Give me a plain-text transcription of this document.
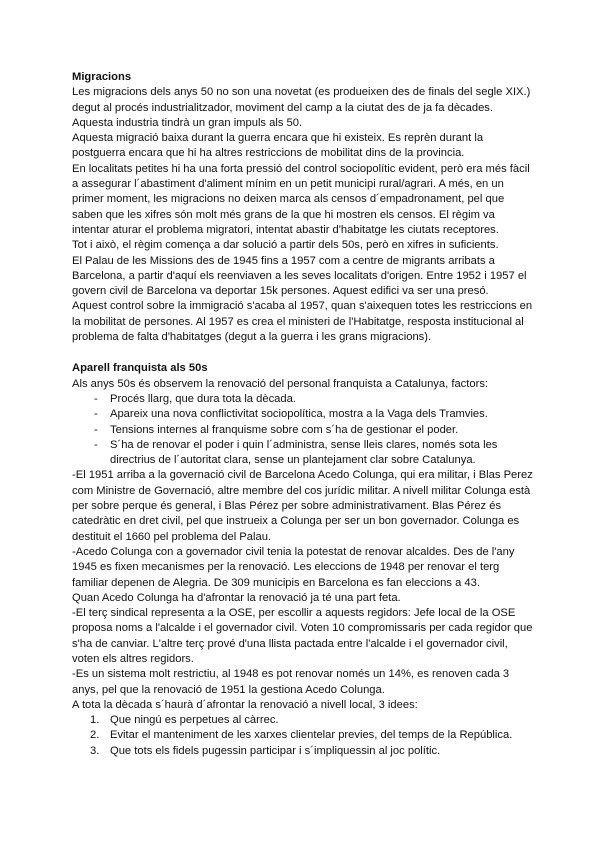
Migracions

Les migracions dels anys 50 no son una novetat (es produeixen des de finals del segle XIX.) degut al procés industrialitzador, moviment del camp a la ciutat des de ja fa dècades. Aquesta industria tindrà un gran impuls als 50.

Aquesta migració baixa durant la guerra encara que hi existeix. Es reprèn durant la postguerra encara que hi ha altres restriccions de mobilitat dins de la provincia.

En localitats petites hi ha una forta pressió del control sociopolític evident, però era més fàcil a assegurar l´abastiment d'aliment mínim en un petit municipi rural/agrari. A més, en un primer moment, les migracions no deixen marca als censos d´empadronament, pel que saben que les xifres són molt més grans de la que hi mostren els censos. El règim va intentar aturar el problema migratori, intentat abastir d'habitatge les ciutats receptores.

Tot i això, el règim comença a dar solució a partir dels 50s, però en xifres in suficients.

El Palau de les Missions des de 1945 fins a 1957 com a centre de migrants arribats a Barcelona, a partir d'aquí els reenviaven a les seves localitats d'origen. Entre 1952 i 1957 el govern civil de Barcelona va deportar 15k persones. Aquest edifici va ser una presó.

Aquest control sobre la immigració s'acaba al 1957, quan s'aixequen totes les restriccions en la mobilitat de persones. Al 1957 es crea el ministeri de l'Habitatge, resposta institucional al problema de falta d'habitatges (degut a la guerra i les grans migracions).

Aparell franquista als 50s

Als anys 50s és observem la renovació del personal franquista a Catalunya, factors:

- Procés llarg, que dura tota la dècada.
- Apareix una nova conflictivitat sociopolítica, mostra a la Vaga dels Tramvies.
- Tensions internes al franquisme sobre com s´ha de gestionar el poder.
- S´ha de renovar el poder i quin l´administra, sense lleis clares, només sota les directrius de l´autoritat clara, sense un plantejament clar sobre Catalunya.

-El 1951 arriba a la governació civil de Barcelona Acedo Colunga, qui era militar, i Blas Perez com Ministre de Governació, altre membre del cos jurídic militar. A nivell militar Colunga està per sobre perque és general, i Blas Pérez per sobre administrativament. Blas Pérez és catedràtic en dret civil, pel que instrueix a Colunga per ser un bon governador. Colunga es destituit el 1660 pel problema del Palau.

-Acedo Colunga con a governador civil tenia la potestat de renovar alcaldes. Des de l'any 1945 es fixen mecanismes per la renovació. Les eleccions de 1948 per renovar el terg familiar depenen de Alegria. De 309 municipis en Barcelona es fan eleccions a 43.

Quan Acedo Colunga ha d'afrontar la renovació ja té una part feta.

-El terç sindical representa a la OSE, per escollir a aquests regidors: Jefe local de la OSE proposa noms a l'alcalde i el governador civil. Voten 10 compromissaris per cada regidor que s'ha de canviar. L'altre terç prové d'una llista pactada entre l'alcalde i el governador civil, voten els altres regidors.

-Es un sistema molt restrictiu, al 1948 es pot renovar només un 14%, es renoven cada 3 anys, pel que la renovació de 1951 la gestiona Acedo Colunga.

A tota la dècada s´haurà d´afrontar la renovació a nivell local, 3 idees:

1. Que ningú es perpetues al càrrec.
2. Evitar el manteniment de les xarxes clientelar previes, del temps de la República.
3. Que tots els fidels pugessin participar i s´impliquessin al joc polític.
